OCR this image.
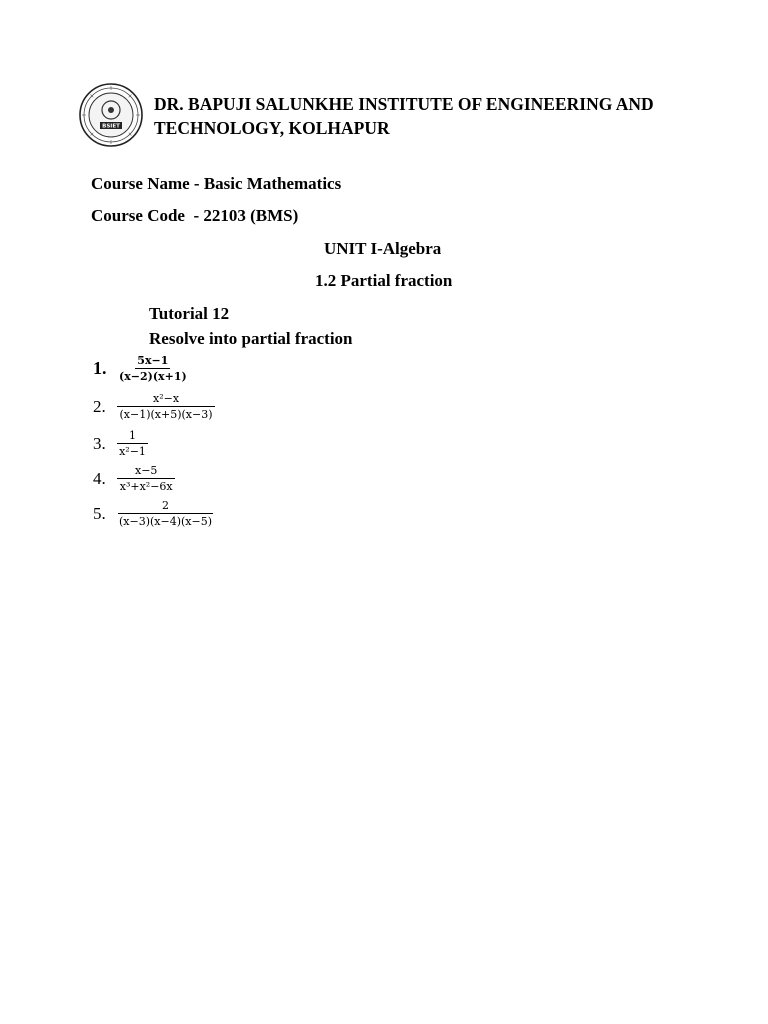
BSIET
DR. BAPUJI SALUNKHE INSTITUTE OF ENGINEERING AND
TECHNOLOGY, KOLHAPUR
Course Name - Basic Mathematics
Course Code  - 22103 (BMS)
UNIT I-Algebra
1.2 Partial fraction
Tutorial 12
Resolve into partial fraction
1. $\frac{5x-1}{(x-2)(x+1)}$
2.	$\frac{\text{x²−x}}{(x-1)(x+5)(x-3)}$
3.	$\frac{1}{\text{x²−1}}$
4.	$\frac{x-5}{\text{x³+x²−6x}}$
5.	$\frac{2}{(x-3)(x-4)(x-5)}$
